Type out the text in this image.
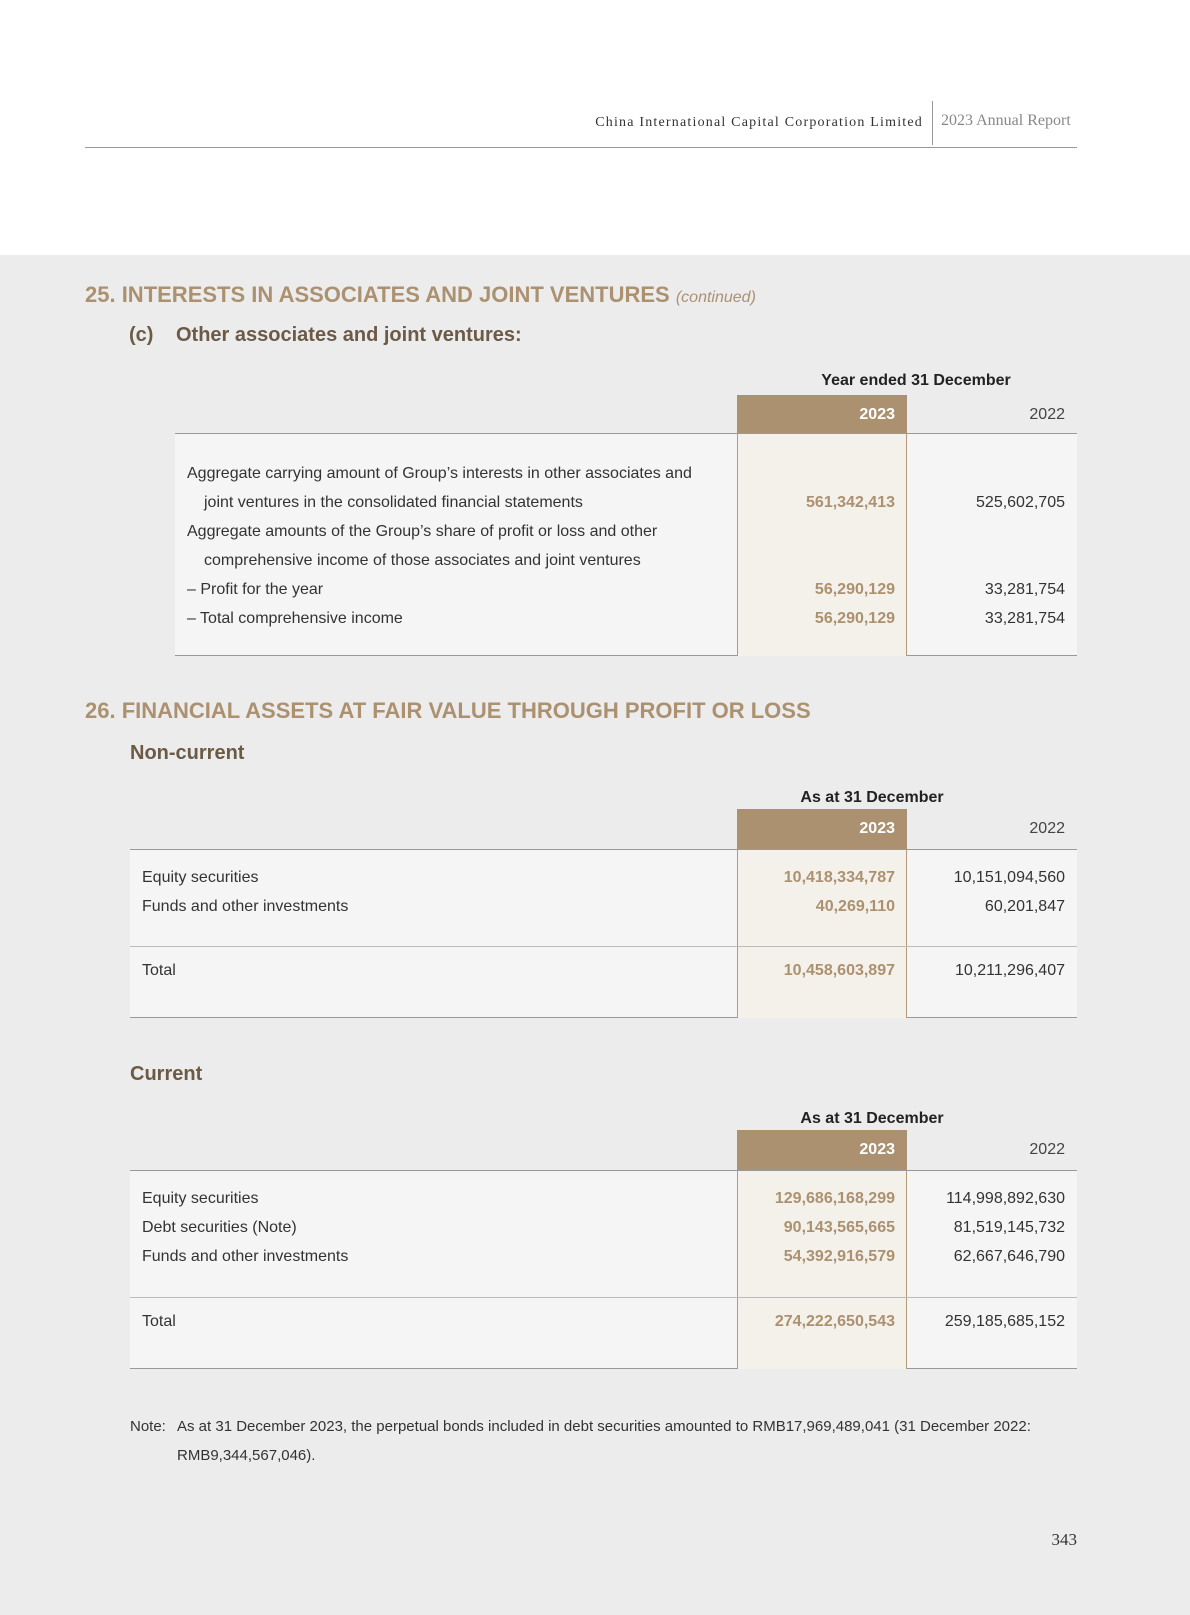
China International Capital Corporation Limited 2023 Annual Report
25. INTERESTS IN ASSOCIATES AND JOINT VENTURES (continued)
(c) Other associates and joint ventures:
Year ended 31 December
2023	2022
Aggregate carrying amount of Group’s interests in other associates and
joint ventures in the consolidated financial statements	561,342,413	525,602,705
Aggregate amounts of the Group’s share of profit or loss and other
comprehensive income of those associates and joint ventures
– Profit for the year	56,290,129	33,281,754
– Total comprehensive income	56,290,129	33,281,754
26. FINANCIAL ASSETS AT FAIR VALUE THROUGH PROFIT OR LOSS
Non-current
As at 31 December
2023	2022
Equity securities	10,418,334,787	10,151,094,560
Funds and other investments	40,269,110	60,201,847
Total	10,458,603,897	10,211,296,407
Current
As at 31 December
2023	2022
Equity securities	129,686,168,299	114,998,892,630
Debt securities (Note)	90,143,565,665	81,519,145,732
Funds and other investments	54,392,916,579	62,667,646,790
Total	274,222,650,543	259,185,685,152
Note: As at 31 December 2023, the perpetual bonds included in debt securities amounted to RMB17,969,489,041 (31 December 2022: RMB9,344,567,046).
343
